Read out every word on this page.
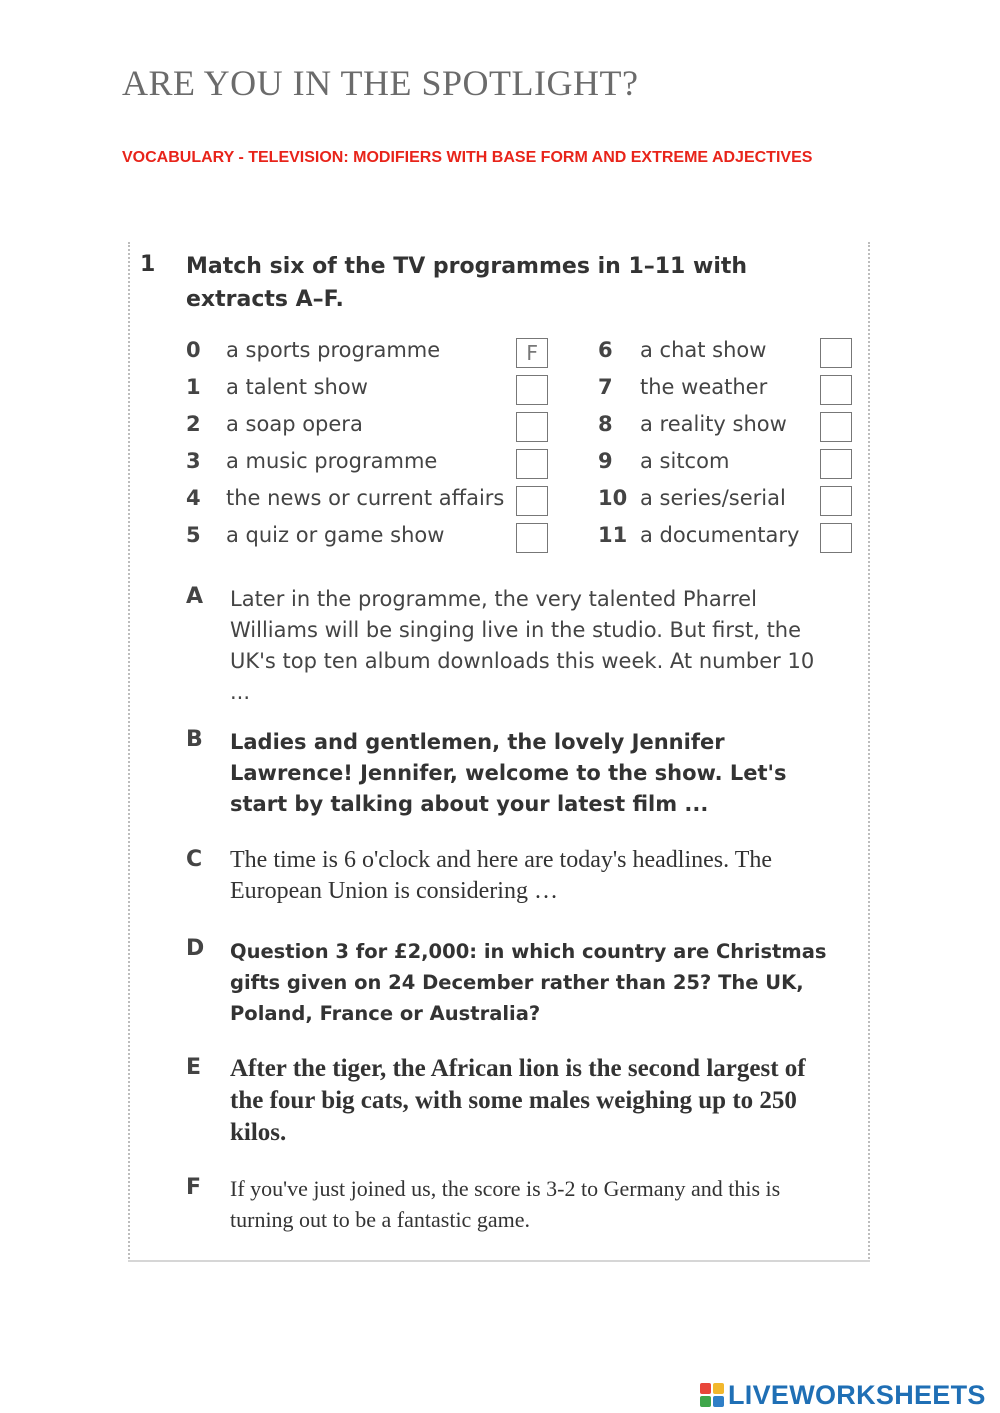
ARE YOU IN THE SPOTLIGHT?
VOCABULARY - TELEVISION: MODIFIERS WITH BASE FORM AND EXTREME ADJECTIVES
1 Match six of the TV programmes in 1–11 with extracts A–F.
0 a sports programme
F
1 a talent show
2 a soap opera
3 a music programme
4 the news or current affairs
5 a quiz or game show
6 a chat show
7 the weather
8 a reality show
9 a sitcom
10 a series/serial
11 a documentary
A Later in the programme, the very talented Pharrel Williams will be singing live in the studio. But first, the UK's top ten album downloads this week. At number 10 ...
B Ladies and gentlemen, the lovely Jennifer Lawrence! Jennifer, welcome to the show. Let's start by talking about your latest film ...
C The time is 6 o'clock and here are today's headlines. The European Union is considering …
D Question 3 for £2,000: in which country are Christmas gifts given on 24 December rather than 25? The UK, Poland, France or Australia?
E After the tiger, the African lion is the second largest of the four big cats, with some males weighing up to 250 kilos.
F If you've just joined us, the score is 3-2 to Germany and this is turning out to be a fantastic game.
LIVEWORKSHEETS
